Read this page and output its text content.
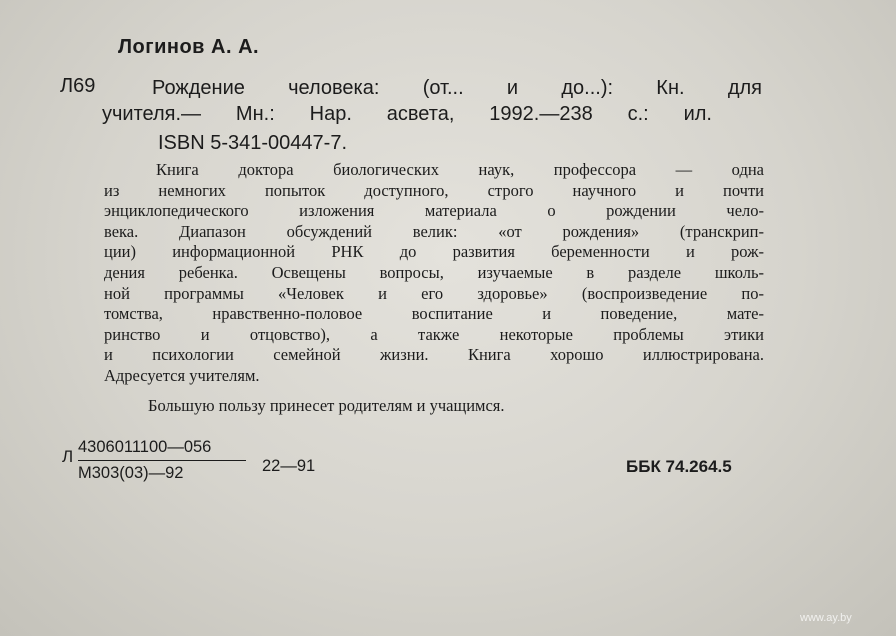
Логинов А. А.
Л69	Рождение человека: (от... и до...): Кн. для
учителя.— Мн.: Нар. асвета, 1992.—238 с.: ил.
ISBN 5-341-00447-7.
Книга доктора биологических наук, профессора — одна
из немногих попыток доступного, строго научного и почти
энциклопедического изложения материала о рождении чело-
века. Диапазон обсуждений велик: «от рождения» (транскрип-
ции) информационной РНК до развития беременности и рож-
дения ребенка. Освещены вопросы, изучаемые в разделе школь-
ной программы «Человек и его здоровье» (воспроизведение по-
томства, нравственно-половое воспитание и поведение, мате-
ринство и отцовство), а также некоторые проблемы этики
и психологии семейной жизни. Книга хорошо иллюстрирована.
Адресуется учителям.
Большую пользу принесет родителям и учащимся.
Л 4306011100—056
М303(03)—92	22—91	ББК 74.264.5
www.ay.by
